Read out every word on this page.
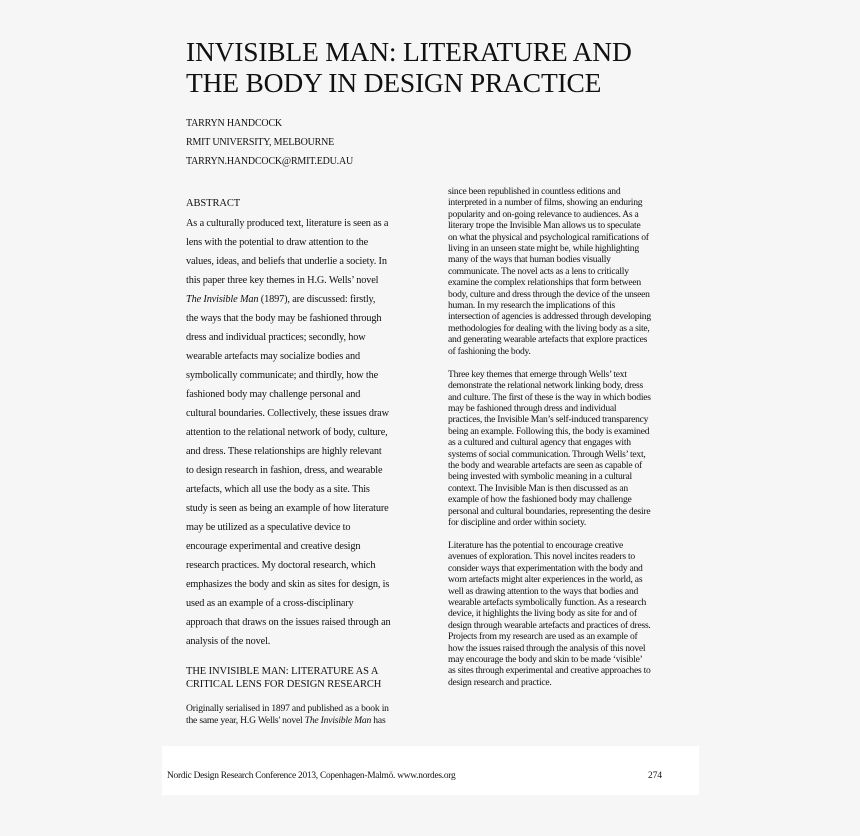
INVISIBLE MAN: LITERATURE AND
THE BODY IN DESIGN PRACTICE
TARRYN HANDCOCK
RMIT UNIVERSITY, MELBOURNE
TARRYN.HANDCOCK@RMIT.EDU.AU
ABSTRACT

As a culturally produced text, literature is seen as a
lens with the potential to draw attention to the
values, ideas, and beliefs that underlie a society. In
this paper three key themes in H.G. Wells’ novel
The Invisible Man (1897), are discussed: firstly,
the ways that the body may be fashioned through
dress and individual practices; secondly, how
wearable artefacts may socialize bodies and
symbolically communicate; and thirdly, how the
fashioned body may challenge personal and
cultural boundaries. Collectively, these issues draw
attention to the relational network of body, culture,
and dress. These relationships are highly relevant
to design research in fashion, dress, and wearable
artefacts, which all use the body as a site. This
study is seen as being an example of how literature
may be utilized as a speculative device to
encourage experimental and creative design
research practices. My doctoral research, which
emphasizes the body and skin as sites for design, is
used as an example of a cross-disciplinary
approach that draws on the issues raised through an
analysis of the novel.

THE INVISIBLE MAN: LITERATURE AS A
CRITICAL LENS FOR DESIGN RESEARCH

Originally serialised in 1897 and published as a book in
the same year, H.G Wells' novel The Invisible Man has

since been republished in countless editions and
interpreted in a number of films, showing an enduring
popularity and on-going relevance to audiences. As a
literary trope the Invisible Man allows us to speculate
on what the physical and psychological ramifications of
living in an unseen state might be, while highlighting
many of the ways that human bodies visually
communicate. The novel acts as a lens to critically
examine the complex relationships that form between
body, culture and dress through the device of the unseen
human. In my research the implications of this
intersection of agencies is addressed through developing
methodologies for dealing with the living body as a site,
and generating wearable artefacts that explore practices
of fashioning the body.

Three key themes that emerge through Wells’ text
demonstrate the relational network linking body, dress
and culture. The first of these is the way in which bodies
may be fashioned through dress and individual
practices, the Invisible Man’s self-induced transparency
being an example. Following this, the body is examined
as a cultured and cultural agency that engages with
systems of social communication. Through Wells’ text,
the body and wearable artefacts are seen as capable of
being invested with symbolic meaning in a cultural
context. The Invisible Man is then discussed as an
example of how the fashioned body may challenge
personal and cultural boundaries, representing the desire
for discipline and order within society.

Literature has the potential to encourage creative
avenues of exploration. This novel incites readers to
consider ways that experimentation with the body and
worn artefacts might alter experiences in the world, as
well as drawing attention to the ways that bodies and
wearable artefacts symbolically function. As a research
device, it highlights the living body as site for and of
design through wearable artefacts and practices of dress.
Projects from my research are used as an example of
how the issues raised through the analysis of this novel
may encourage the body and skin to be made ‘visible’
as sites through experimental and creative approaches to
design research and practice.

Nordic Design Research Conference 2013, Copenhagen-Malmö. www.nordes.org	274
